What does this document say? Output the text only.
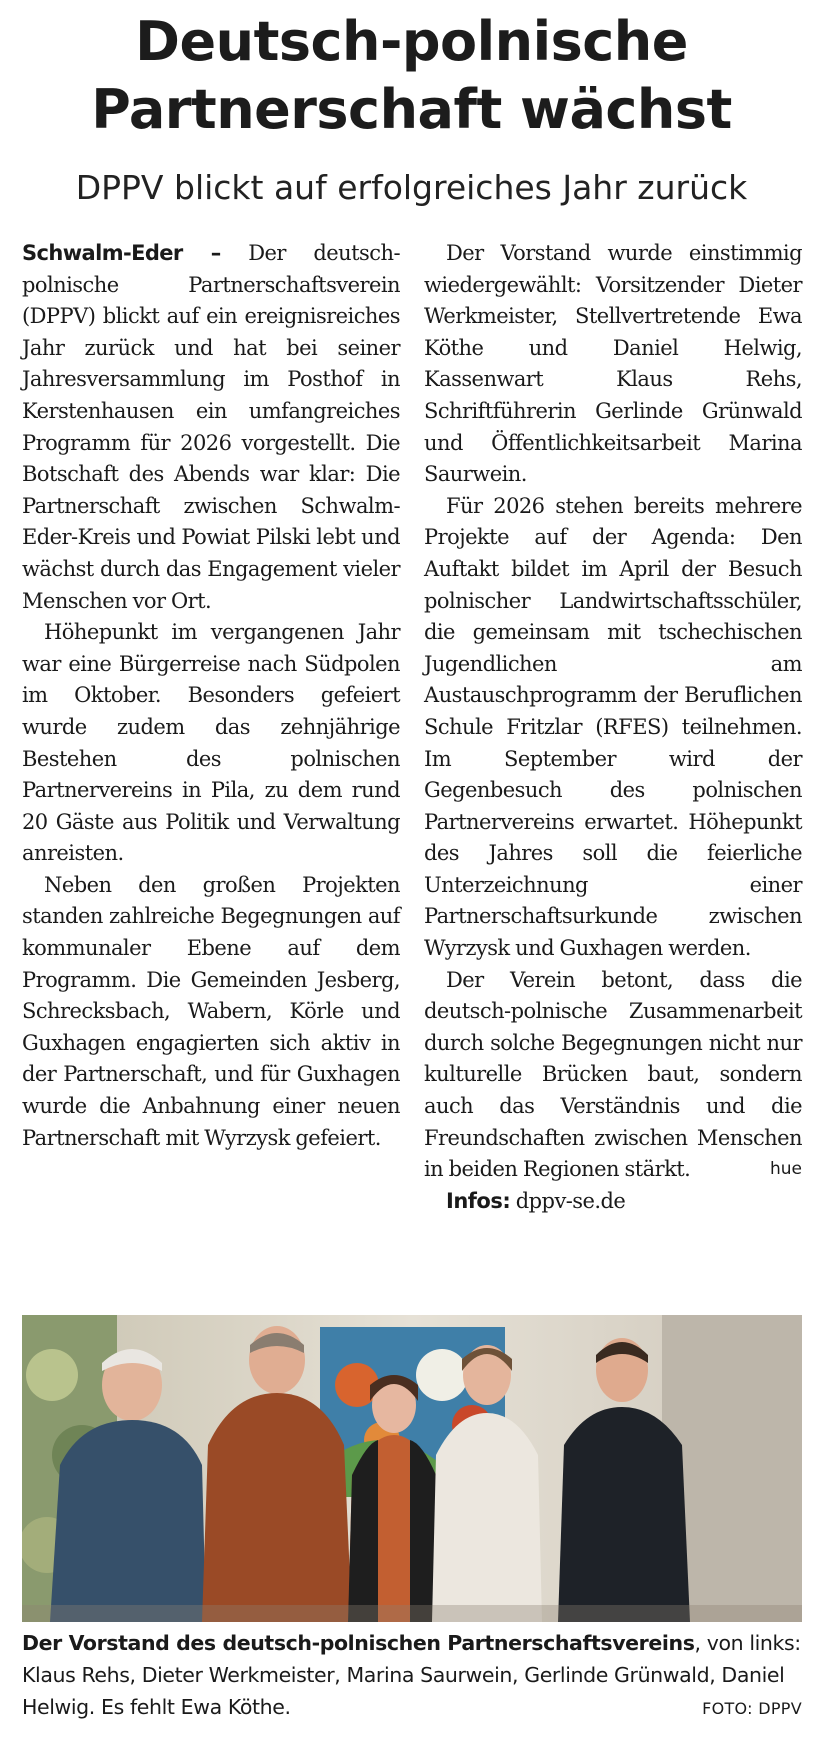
Deutsch-polnische
Partnerschaft wächst
DPPV blickt auf erfolgreiches Jahr zurück

Schwalm-Eder – Der deutsch-polnische Partnerschaftsverein (DPPV) blickt auf ein ereignisreiches Jahr zurück und hat bei seiner Jahresversammlung im Posthof in Kerstenhausen ein umfangreiches Programm für 2026 vorgestellt. Die Botschaft des Abends war klar: Die Partnerschaft zwischen Schwalm-Eder-Kreis und Powiat Pilski lebt und wächst durch das Engagement vieler Menschen vor Ort.

Höhepunkt im vergangenen Jahr war eine Bürgerreise nach Südpolen im Oktober. Besonders gefeiert wurde zudem das zehnjährige Bestehen des polnischen Partnervereins in Pila, zu dem rund 20 Gäste aus Politik und Verwaltung anreisten.

Neben den großen Projekten standen zahlreiche Begegnungen auf kommunaler Ebene auf dem Programm. Die Gemeinden Jesberg, Schrecksbach, Wabern, Körle und Guxhagen engagierten sich aktiv in der Partnerschaft, und für Guxhagen wurde die Anbahnung einer neuen Partnerschaft mit Wyrzysk gefeiert.

Der Vorstand wurde einstimmig wiedergewählt: Vorsitzender Dieter Werkmeister, Stellvertretende Ewa Köthe und Daniel Helwig, Kassenwart Klaus Rehs, Schriftführerin Gerlinde Grünwald und Öffentlichkeitsarbeit Marina Saurwein.

Für 2026 stehen bereits mehrere Projekte auf der Agenda: Den Auftakt bildet im April der Besuch polnischer Landwirtschaftsschüler, die gemeinsam mit tschechischen Jugendlichen am Austauschprogramm der Beruflichen Schule Fritzlar (RFES) teilnehmen. Im September wird der Gegenbesuch des polnischen Partnervereins erwartet. Höhepunkt des Jahres soll die feierliche Unterzeichnung einer Partnerschaftsurkunde zwischen Wyrzysk und Guxhagen werden.

Der Verein betont, dass die deutsch-polnische Zusammenarbeit durch solche Begegnungen nicht nur kulturelle Brücken baut, sondern auch das Verständnis und die Freundschaften zwischen Menschen in beiden Regionen stärkt.	hue

Infos: dppv-se.de

Der Vorstand des deutsch-polnischen Partnerschaftsvereins, von links: Klaus Rehs, Dieter Werkmeister, Marina Saurwein, Gerlinde Grünwald, Daniel Helwig. Es fehlt Ewa Köthe.	FOTO: DPPV
